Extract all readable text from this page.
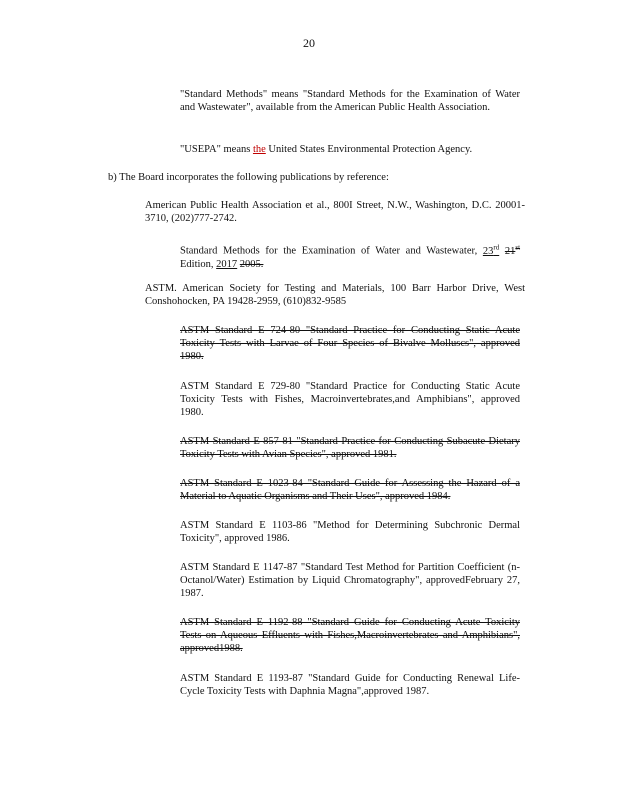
20
"Standard Methods" means "Standard Methods for the Examination of Water and Wastewater", available from the American Public Health Association.
"USEPA" means the United States Environmental Protection Agency.
b) The Board incorporates the following publications by reference:
American Public Health Association et al., 800I Street, N.W., Washington, D.C. 20001-3710, (202)777-2742.
Standard Methods for the Examination of Water and Wastewater, 23rd 21st Edition, 2017 2005.
ASTM. American Society for Testing and Materials, 100 Barr Harbor Drive, West Conshohocken, PA 19428-2959, (610)832-9585
ASTM Standard E 724-80 "Standard Practice for Conducting Static Acute Toxicity Tests with Larvae of Four Species of Bivalve Molluscs", approved 1980.
ASTM Standard E 729-80 "Standard Practice for Conducting Static Acute Toxicity Tests with Fishes, Macroinvertebrates,and Amphibians", approved 1980.
ASTM Standard E 857-81 "Standard Practice for Conducting Subacute Dietary Toxicity Tests with Avian Species", approved 1981.
ASTM Standard E 1023-84 "Standard Guide for Assessing the Hazard of a Material to Aquatic Organisms and Their Uses", approved 1984.
ASTM Standard E 1103-86 "Method for Determining Subchronic Dermal Toxicity", approved 1986.
ASTM Standard E 1147-87 "Standard Test Method for Partition Coefficient (n-Octanol/Water) Estimation by Liquid Chromatography", approvedFebruary 27, 1987.
ASTM Standard E 1192-88 "Standard Guide for Conducting Acute Toxicity Tests on Aqueous Effluents with Fishes,Macroinvertebrates and Amphibians", approved1988.
ASTM Standard E 1193-87 "Standard Guide for Conducting Renewal Life-Cycle Toxicity Tests with Daphnia Magna",approved 1987.
